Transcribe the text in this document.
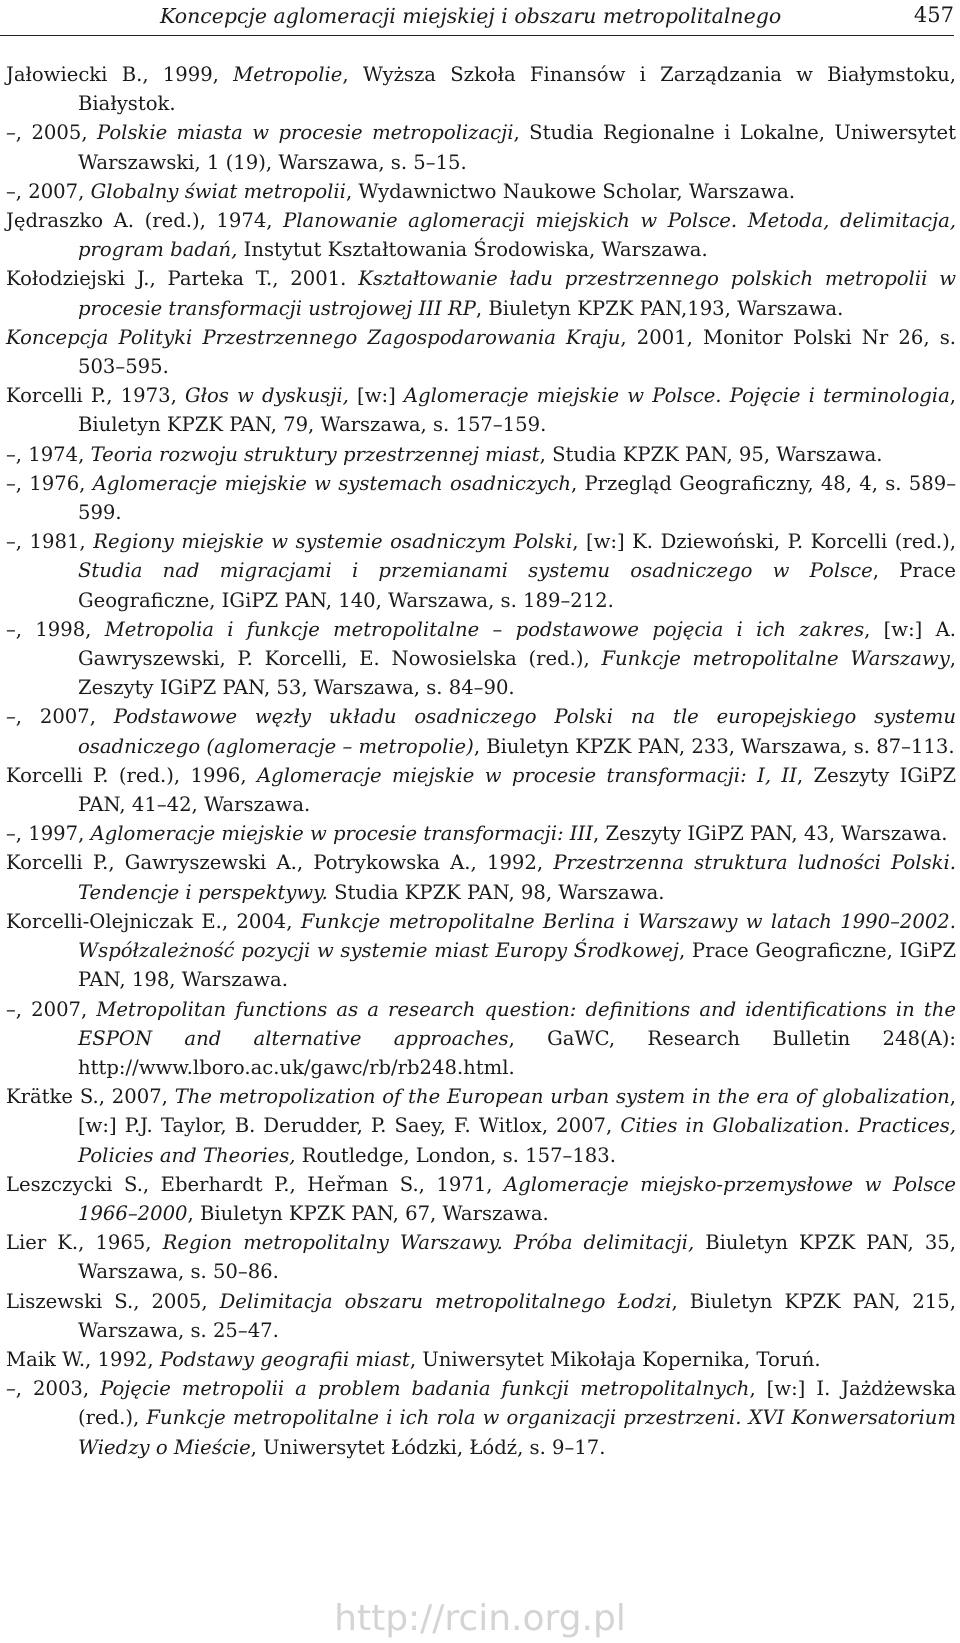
Koncepcje aglomeracji miejskiej i obszaru metropolitalnego	457
Jałowiecki B., 1999, Metropolie, Wyższa Szkoła Finansów i Zarządzania w Białymstoku, Białystok.
–, 2005, Polskie miasta w procesie metropolizacji, Studia Regionalne i Lokalne, Uniwersytet Warszawski, 1 (19), Warszawa, s. 5–15.
–, 2007, Globalny świat metropolii, Wydawnictwo Naukowe Scholar, Warszawa.
Jędraszko A. (red.), 1974, Planowanie aglomeracji miejskich w Polsce. Metoda, delimitacja, program badań, Instytut Kształtowania Środowiska, Warszawa.
Kołodziejski J., Parteka T., 2001. Kształtowanie ładu przestrzennego polskich metropolii w procesie transformacji ustrojowej III RP, Biuletyn KPZK PAN,193, Warszawa.
Koncepcja Polityki Przestrzennego Zagospodarowania Kraju, 2001, Monitor Polski Nr 26, s. 503–595.
Korcelli P., 1973, Głos w dyskusji, [w:] Aglomeracje miejskie w Polsce. Pojęcie i terminologia, Biuletyn KPZK PAN, 79, Warszawa, s. 157–159.
–, 1974, Teoria rozwoju struktury przestrzennej miast, Studia KPZK PAN, 95, Warszawa.
–, 1976, Aglomeracje miejskie w systemach osadniczych, Przegląd Geograficzny, 48, 4, s. 589–599.
–, 1981, Regiony miejskie w systemie osadniczym Polski, [w:] K. Dziewoński, P. Korcelli (red.), Studia nad migracjami i przemianami systemu osadniczego w Polsce, Prace Geograficzne, IGiPZ PAN, 140, Warszawa, s. 189–212.
–, 1998, Metropolia i funkcje metropolitalne – podstawowe pojęcia i ich zakres, [w:] A. Gawryszewski, P. Korcelli, E. Nowosielska (red.), Funkcje metropolitalne Warszawy, Zeszyty IGiPZ PAN, 53, Warszawa, s. 84–90.
–, 2007, Podstawowe węzły układu osadniczego Polski na tle europejskiego systemu osadniczego (aglomeracje – metropolie), Biuletyn KPZK PAN, 233, Warszawa, s. 87–113.
Korcelli P. (red.), 1996, Aglomeracje miejskie w procesie transformacji: I, II, Zeszyty IGiPZ PAN, 41–42, Warszawa.
–, 1997, Aglomeracje miejskie w procesie transformacji: III, Zeszyty IGiPZ PAN, 43, Warszawa.
Korcelli P., Gawryszewski A., Potrykowska A., 1992, Przestrzenna struktura ludności Polski. Tendencje i perspektywy. Studia KPZK PAN, 98, Warszawa.
Korcelli-Olejniczak E., 2004, Funkcje metropolitalne Berlina i Warszawy w latach 1990–2002. Współzależność pozycji w systemie miast Europy Środkowej, Prace Geograficzne, IGiPZ PAN, 198, Warszawa.
–, 2007, Metropolitan functions as a research question: definitions and identifications in the ESPON and alternative approaches, GaWC, Research Bulletin 248(A): http://www.lboro.ac.uk/gawc/rb/rb248.html.
Krätke S., 2007, The metropolization of the European urban system in the era of globalization, [w:] P.J. Taylor, B. Derudder, P. Saey, F. Witlox, 2007, Cities in Globalization. Practices, Policies and Theories, Routledge, London, s. 157–183.
Leszczycki S., Eberhardt P., Heřman S., 1971, Aglomeracje miejsko-przemysłowe w Polsce 1966–2000, Biuletyn KPZK PAN, 67, Warszawa.
Lier K., 1965, Region metropolitalny Warszawy. Próba delimitacji, Biuletyn KPZK PAN, 35, Warszawa, s. 50–86.
Liszewski S., 2005, Delimitacja obszaru metropolitalnego Łodzi, Biuletyn KPZK PAN, 215, Warszawa, s. 25–47.
Maik W., 1992, Podstawy geografii miast, Uniwersytet Mikołaja Kopernika, Toruń.
–, 2003, Pojęcie metropolii a problem badania funkcji metropolitalnych, [w:] I. Jażdżewska (red.), Funkcje metropolitalne i ich rola w organizacji przestrzeni. XVI Konwersatorium Wiedzy o Mieście, Uniwersytet Łódzki, Łódź, s. 9–17.
http://rcin.org.pl
